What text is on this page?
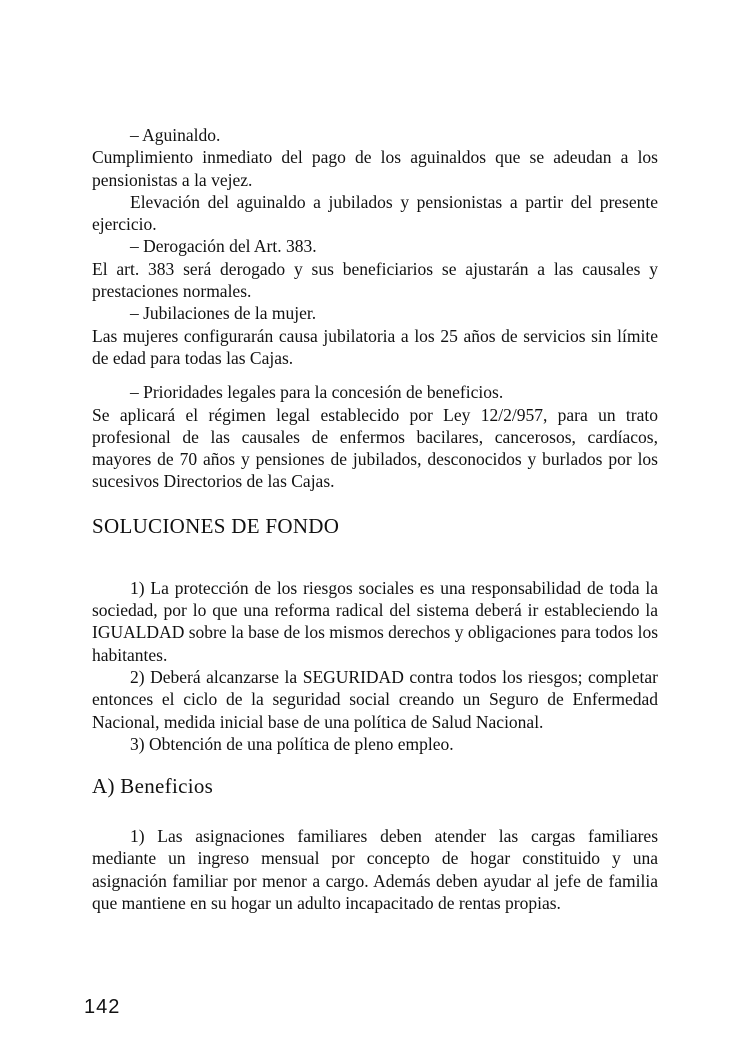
– Aguinaldo.

Cumplimiento inmediato del pago de los aguinaldos que se adeudan a los pensionistas a la vejez.

Elevación del aguinaldo a jubilados y pensionistas a partir del presente ejercicio.

– Derogación del Art. 383.

El art. 383 será derogado y sus beneficiarios se ajustarán a las causales y prestaciones normales.

– Jubilaciones de la mujer.

Las mujeres configurarán causa jubilatoria a los 25 años de servicios sin límite de edad para todas las Cajas.

– Prioridades legales para la concesión de beneficios.

Se aplicará el régimen legal establecido por Ley 12/2/957, para un trato profesional de las causales de enfermos bacilares, cancerosos, cardíacos, mayores de 70 años y pensiones de jubilados, desconocidos y burlados por los sucesivos Directorios de las Cajas.

SOLUCIONES DE FONDO

1) La protección de los riesgos sociales es una responsabilidad de toda la sociedad, por lo que una reforma radical del sistema deberá ir estableciendo la IGUALDAD sobre la base de los mismos derechos y obligaciones para todos los habitantes.

2) Deberá alcanzarse la SEGURIDAD contra todos los riesgos; completar entonces el ciclo de la seguridad social creando un Seguro de Enfermedad Nacional, medida inicial base de una política de Salud Nacional.

3) Obtención de una política de pleno empleo.

A) Beneficios

1) Las asignaciones familiares deben atender las cargas familiares mediante un ingreso mensual por concepto de hogar constituido y una asignación familiar por menor a cargo. Además deben ayudar al jefe de familia que mantiene en su hogar un adulto incapacitado de rentas propias.

142
